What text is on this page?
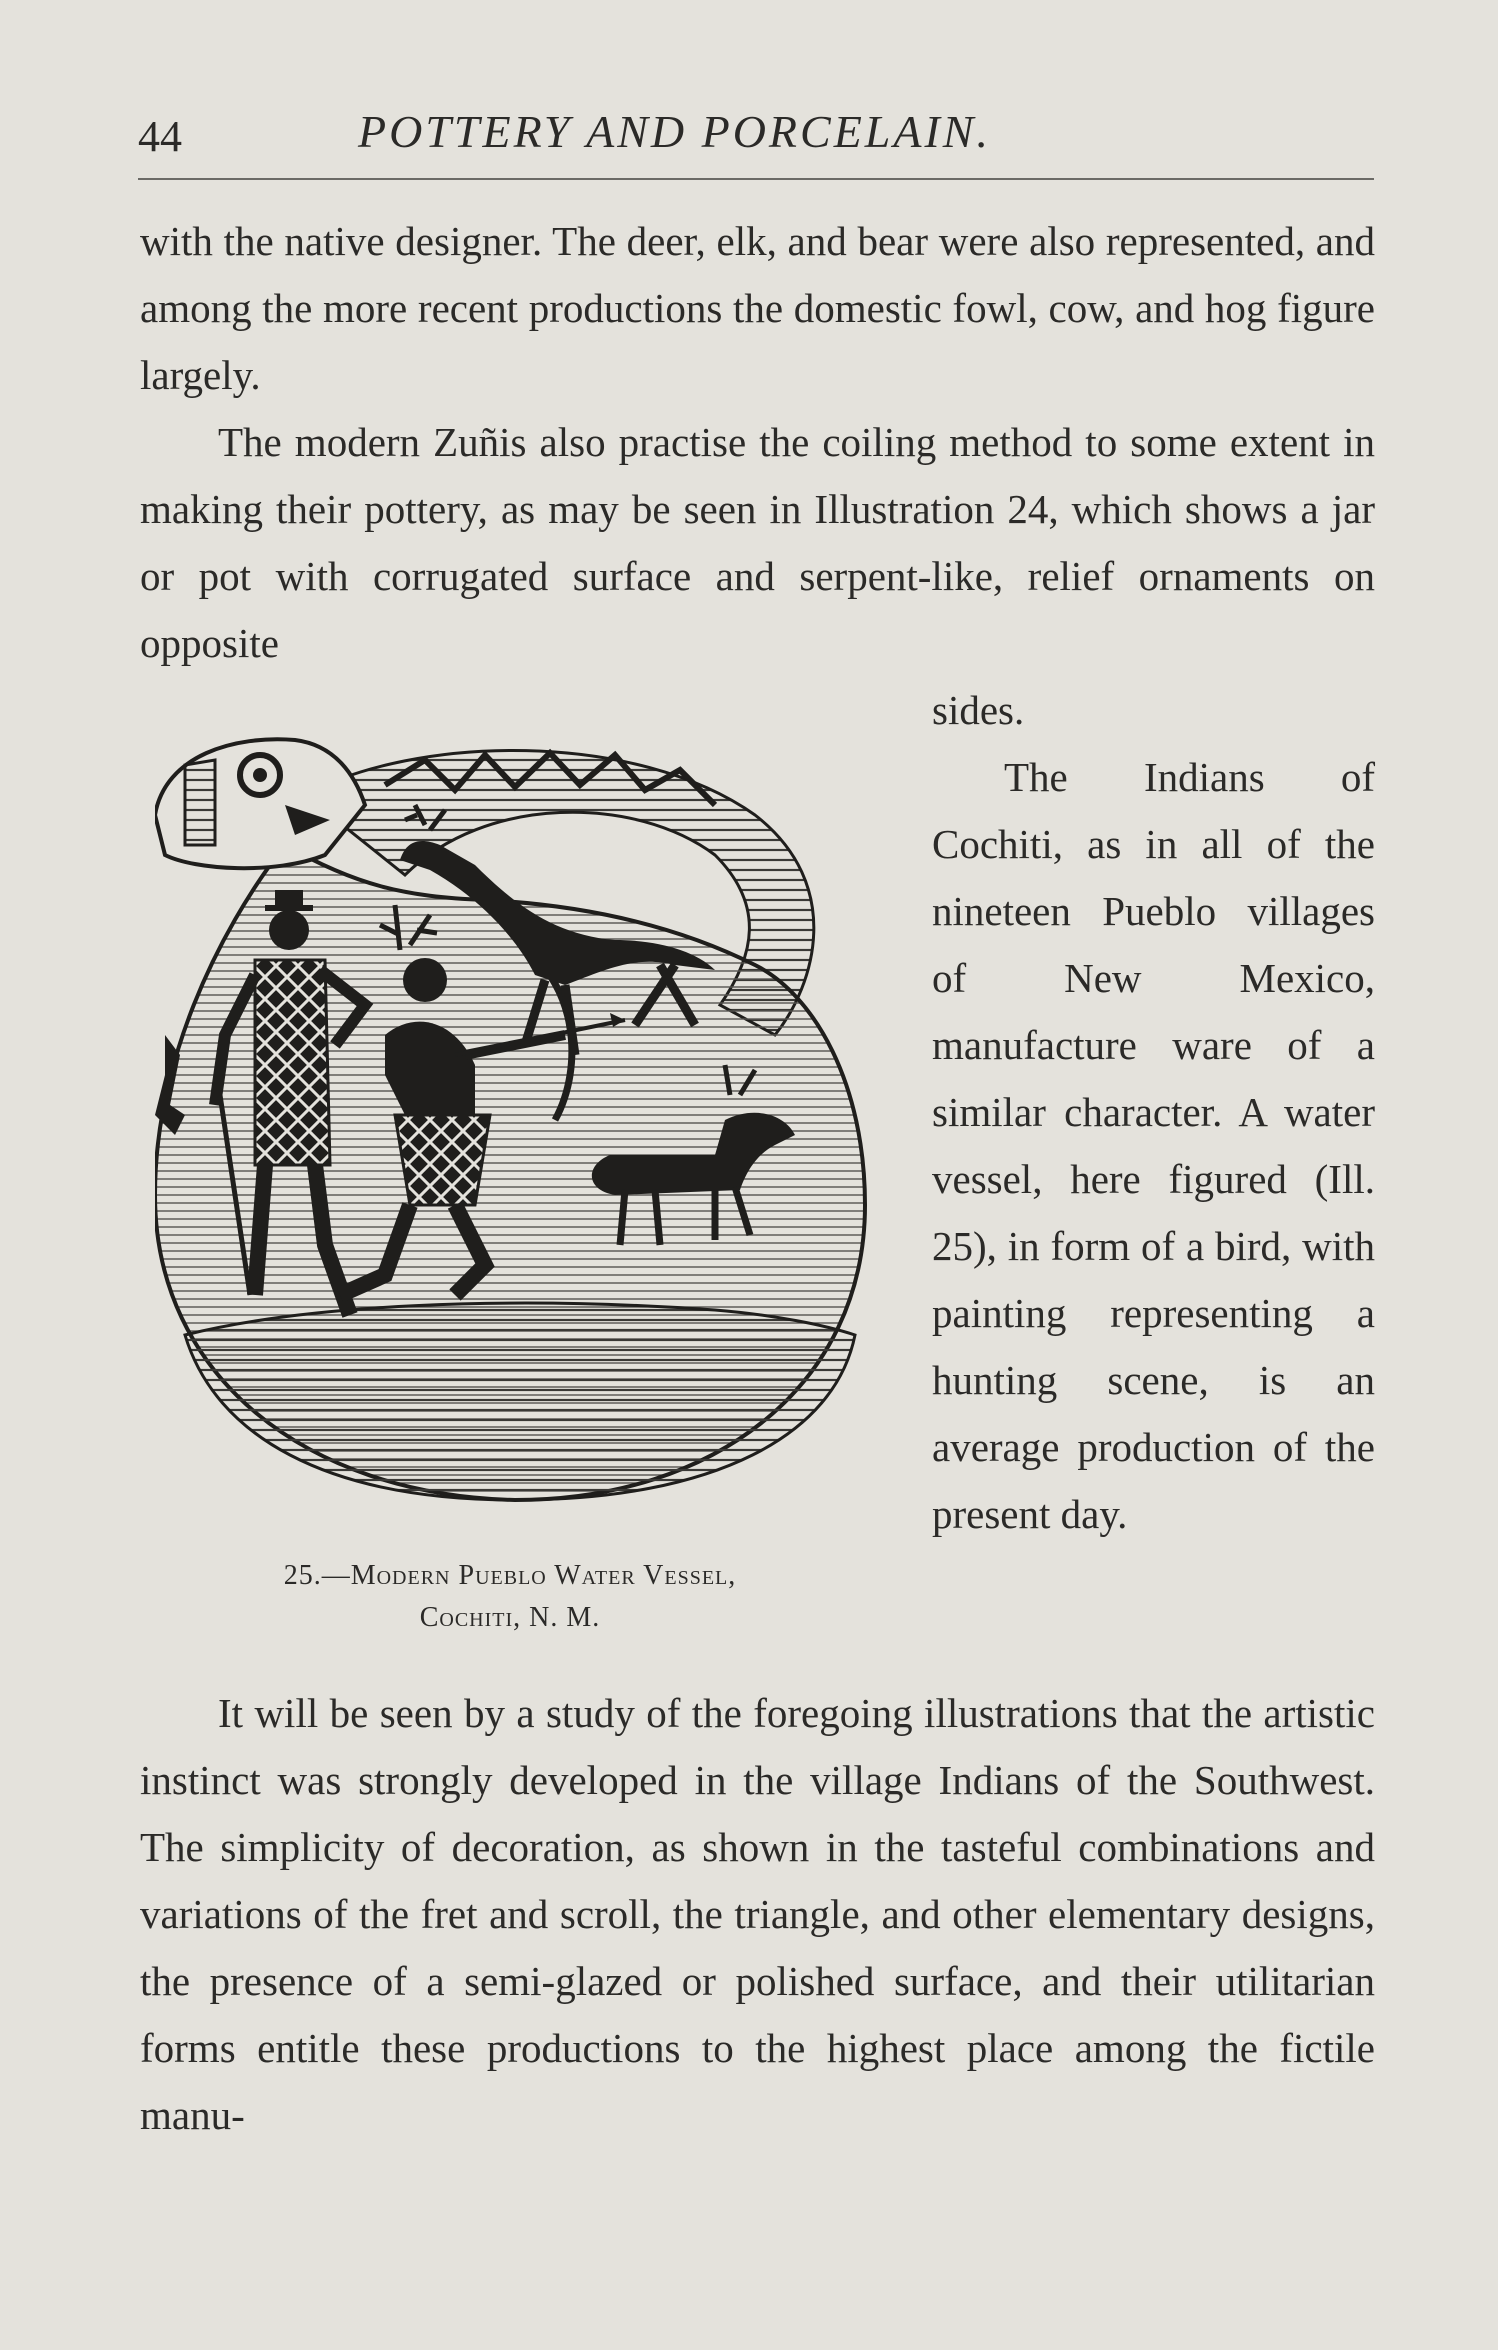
44	POTTERY AND PORCELAIN.

with the native designer. The deer, elk, and bear were also represented, and among the more recent productions the domestic fowl, cow, and hog figure largely.

The modern Zuñis also practise the coiling method to some extent in making their pottery, as may be seen in Illustration 24, which shows a jar or pot with corrugated surface and serpent-like, relief ornaments on opposite

sides.

The Indians of Cochiti, as in all of the nineteen Pueblo villages of New Mexico, manufacture ware of a similar character. A water vessel, here figured (Ill. 25), in form of a bird, with painting representing a hunting scene, is an average production of the present day.

25.—Modern Pueblo Water Vessel,
Cochiti, N. M.

It will be seen by a study of the foregoing illustrations that the artistic instinct was strongly developed in the village Indians of the Southwest. The simplicity of decoration, as shown in the tasteful combinations and variations of the fret and scroll, the triangle, and other elementary designs, the presence of a semi-glazed or polished surface, and their utilitarian forms entitle these productions to the highest place among the fictile manu-
